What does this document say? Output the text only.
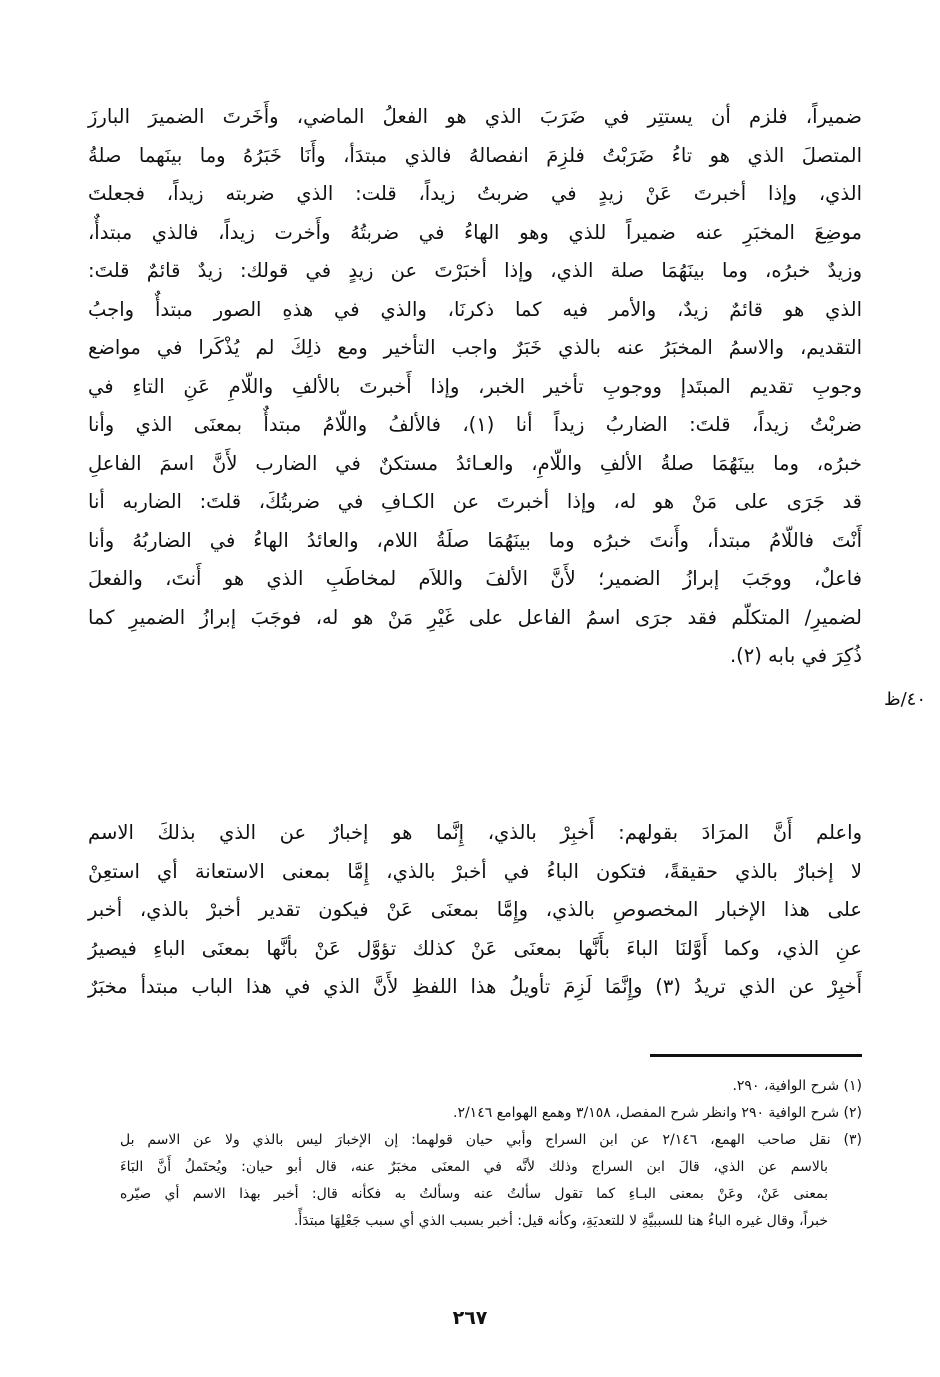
ضميراً، فلزم أن يستتِر في ضَرَبَ الذي هو الفعلُ الماضي، وأَخَرتَ الضميرَ البارزَ
المتصلَ الذي هو تاءُ ضَرَبْتُ فلزِمَ انفصالهُ فالذي مبتدَأ، وأَنَا خَبَرُهُ وما بينَهما صلةُ
الذي، وإذا أخبرتَ عَنْ زيدٍ في ضربتُ زيداً، قلت: الذي ضربته زيداً، فجعلتَ
موضِعَ المخبَرِ عنه ضميراً للذي وهو الهاءُ في ضربتُهُ وأَخرت زيداً، فالذي مبتدأٌ،
وزيدٌ خبرُه، وما بينَهُمَا صلة الذي، وإذا أخبَرْتَ عن زيدٍ في قولك: زيدٌ قائمٌ قلتَ:
الذي هو قائمٌ زيدٌ، والأمر فيه كما ذكرنَا، والذي في هذهِ الصور مبتدأٌ واجبُ
التقديم، والاسمُ المخبَرُ عنه بالذي خَبَرٌ واجب التأخير ومع ذلِكَ لم يُذْكَرا في مواضع
وجوبِ تقديم المبتَدإ ووجوبِ تأخير الخبر، وإذا أَخبرتَ بالألفِ واللّامِ عَنِ التاءِ في
ضربْتُ زيداً، قلتَ: الضاربُ زيداً أنا (١)، فالألفُ واللّامُ مبتدأٌ بمعنَى الذي وأنا
خبرُه، وما بينَهُمَا صلةُ الألفِ واللّامِ، والعـائدُ مستكنٌ في الضارب لأَنَّ اسمَ الفاعلِ
قد جَرَى على مَنْ هو له، وإذا أخبرتَ عن الكـافِ في ضربتُكَ، قلتَ: الضاربه أنا
أَنْتَ فاللّامُ مبتدأ، وأَنتَ خبرُه وما بينَهُمَا صلَةُ اللام، والعائدُ الهاءُ في الضاربُهُ وأنا
فاعلٌ، ووجَبَ إبرازُ الضمير؛ لأَنَّ الألفَ واللاَم لمخاطَبِ الذي هو أَنتَ، والفعلَ
لضميرِ/ المتكلّم فقد جرَى اسمُ الفاعل على غَيْرِ مَنْ هو له، فوجَبَ إبرازُ الضميرِ كما
ذُكِرَ في بابه (٢).
٤٠/ظ
واعلم أَنَّ المرَادَ بقولهم: أَخبِرْ بالذي، إِنَّما هو إخبارٌ عن الذي بذلكَ الاسم
لا إخبارٌ بالذي حقيقةً، فتكون الباءُ في أخبرْ بالذي، إِمَّا بمعنى الاستعانة أي استعِنْ
على هذا الإخبار المخصوصِ بالذي، وإِمَّا بمعنَى عَنْ فيكون تقدير أخبرْ بالذي، أخبر
عنِ الذي، وكما أَوَّلنَا الباءَ بأَنَّها بمعنَى عَنْ كذلك تؤوَّل عَنْ بأنَّها بمعنَى الباءِ فيصيرُ
أَخبِرْ عن الذي تريدُ (٣) وإِنَّمَا لَزِمَ تأويلُ هذا اللفظِ لأَنَّ الذي في هذا الباب مبتدأ مخبَرٌ
(١) شرح الوافية، ٢٩٠.
(٢) شرح الوافية ٢٩٠ وانظر شرح المفصل، ٣/١٥٨ وهمع الهوامع ٢/١٤٦.
(٣) نقل صاحب الهمع، ٢/١٤٦ عن ابن السراج وأبي حيان قولهما: إن الإخبارَ ليس بالذي ولا عن الاسم بل
بالاسم عن الذي، قالَ ابن السراج وذلك لأنَّه في المعنَى مخبَرٌ عنه، قال أبو حيان: ويُحتَملُ أَنَّ البَاءَ
بمعنى عَنْ، وعَنْ بمعنى البـاءِ كما تقول سألتُ عنه وسألتُ به فكأنه قال: أخبر بهذا الاسم أي صيّره
خبراً، وقال غيره الباءُ هنا للسببيَّةِ لا للتعديَةِ، وكأنه قيل: أخبر بسبب الذي أي سبب جَعْلِهَا مبتدَأً.
٢٦٧
